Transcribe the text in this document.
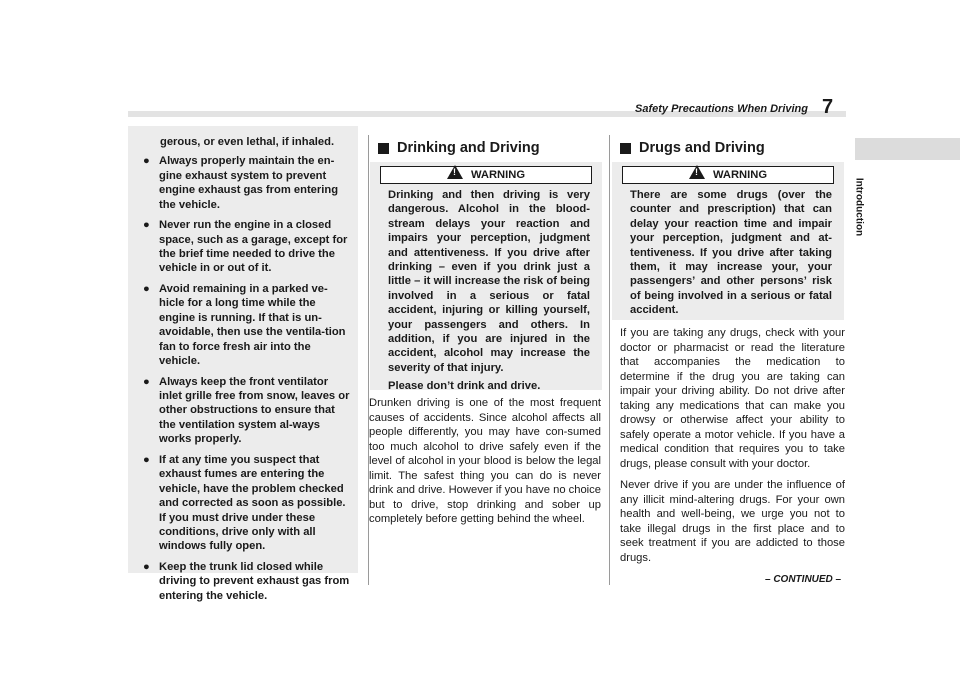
Safety Precautions When Driving 7
Introduction
gerous, or even lethal, if inhaled.
● Always properly maintain the en-gine exhaust system to prevent engine exhaust gas from entering the vehicle.
● Never run the engine in a closed space, such as a garage, except for the brief time needed to drive the vehicle in or out of it.
● Avoid remaining in a parked ve-hicle for a long time while the engine is running. If that is un-avoidable, then use the ventila-tion fan to force fresh air into the vehicle.
● Always keep the front ventilator inlet grille free from snow, leaves or other obstructions to ensure that the ventilation system al-ways works properly.
● If at any time you suspect that exhaust fumes are entering the vehicle, have the problem checked and corrected as soon as possible. If you must drive under these conditions, drive only with all windows fully open.
● Keep the trunk lid closed while driving to prevent exhaust gas from entering the vehicle.
Drinking and Driving
!
WARNING

Drinking and then driving is very dangerous. Alcohol in the blood-stream delays your reaction and impairs your perception, judgment and attentiveness. If you drive after drinking – even if you drink just a little – it will increase the risk of being involved in a serious or fatal accident, injuring or killing yourself, your passengers and others. In addition, if you are injured in the accident, alcohol may increase the severity of that injury.

Please don’t drink and drive.

Drunken driving is one of the most frequent causes of accidents. Since alcohol affects all people differently, you may have con-sumed too much alcohol to drive safely even if the level of alcohol in your blood is below the legal limit. The safest thing you can do is never drink and drive. However if you have no choice but to drive, stop drinking and sober up completely before getting behind the wheel.

Drugs and Driving
!
WARNING

There are some drugs (over the counter and prescription) that can delay your reaction time and impair your perception, judgment and at-tentiveness. If you drive after taking them, it may increase your, your passengers’ and other persons’ risk of being involved in a serious or fatal accident.

If you are taking any drugs, check with your doctor or pharmacist or read the literature that accompanies the medication to determine if the drug you are taking can impair your driving ability. Do not drive after taking any medications that can make you drowsy or otherwise affect your ability to safely operate a motor vehicle. If you have a medical condition that requires you to take drugs, please consult with your doctor.

Never drive if you are under the influence of any illicit mind-altering drugs. For your own health and well-being, we urge you not to take illegal drugs in the first place and to seek treatment if you are addicted to those drugs.

– CONTINUED –
